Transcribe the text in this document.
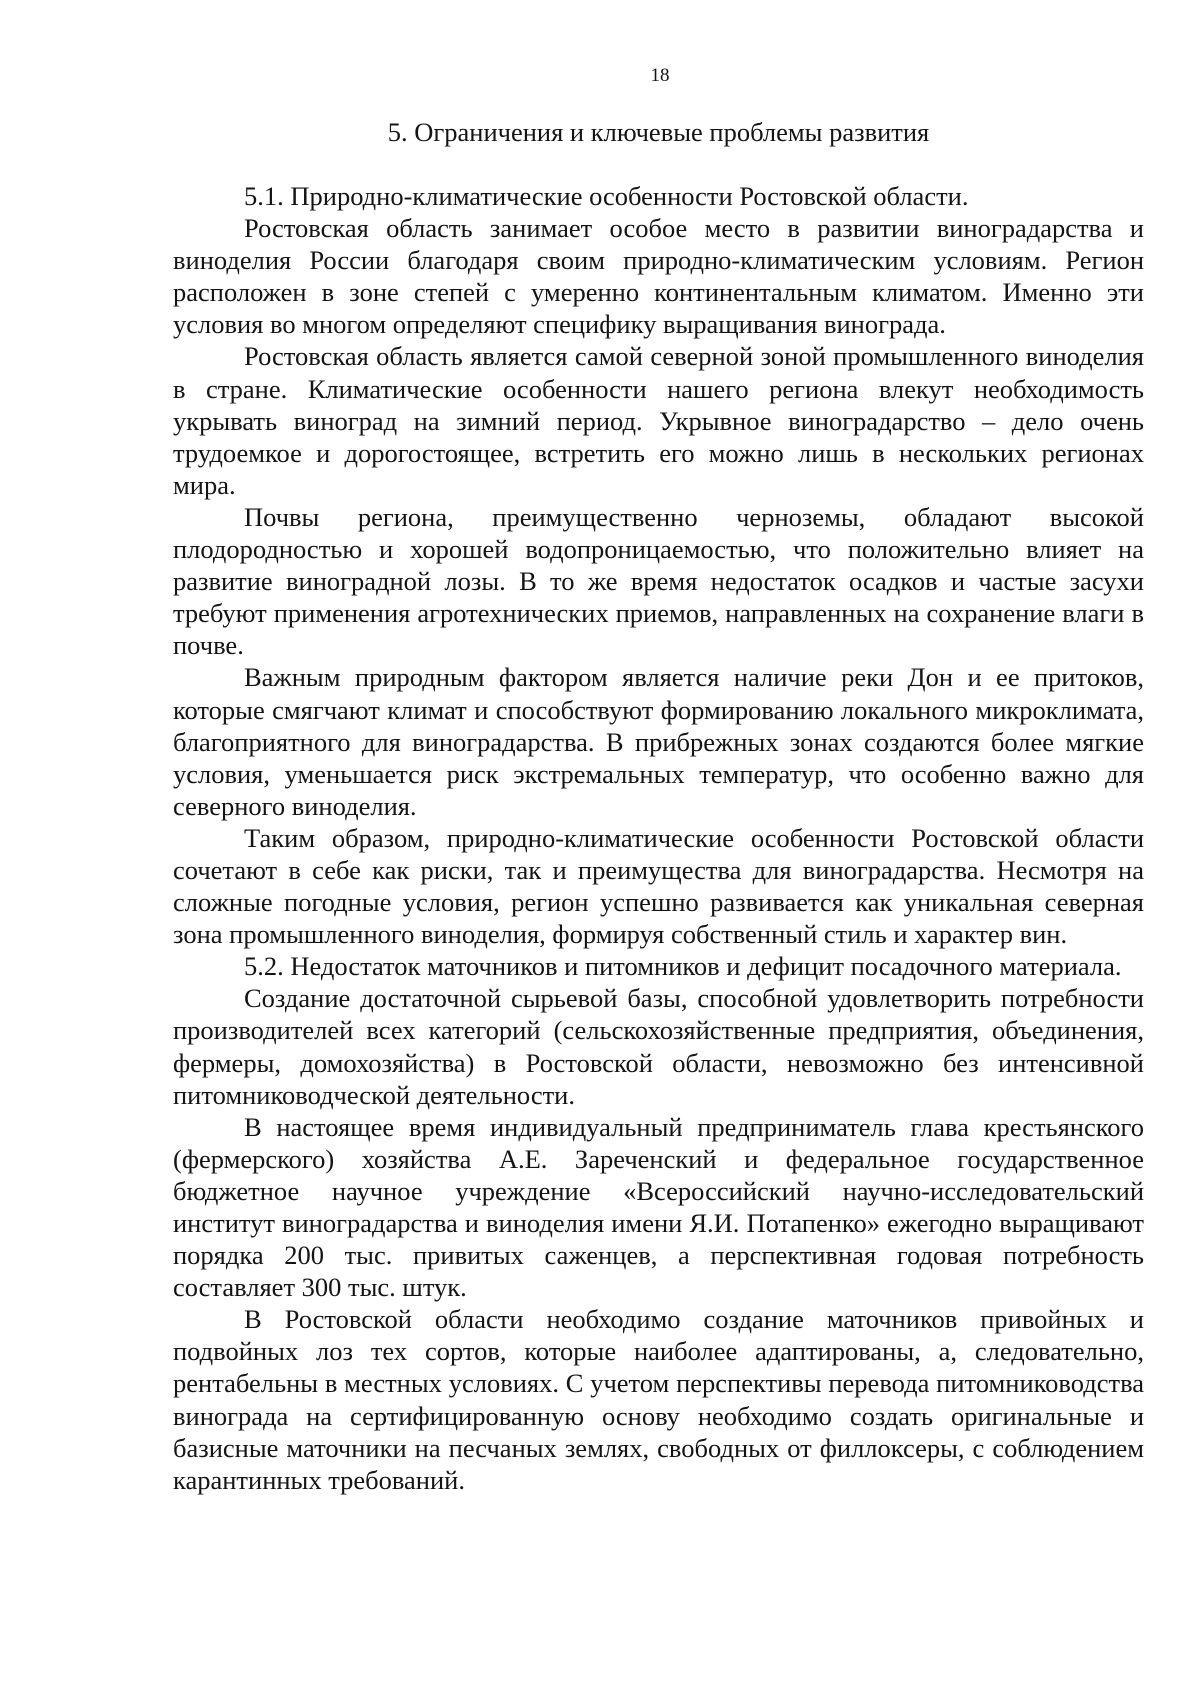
18
5. Ограничения и ключевые проблемы развития

5.1. Природно-климатические особенности Ростовской области.

Ростовская область занимает особое место в развитии виноградарства и виноделия России благодаря своим природно-климатическим условиям. Регион расположен в зоне степей с умеренно континентальным климатом. Именно эти условия во многом определяют специфику выращивания винограда.

Ростовская область является самой северной зоной промышленного виноделия в стране. Климатические особенности нашего региона влекут необходимость укрывать виноград на зимний период. Укрывное виноградарство – дело очень трудоемкое и дорогостоящее, встретить его можно лишь в нескольких регионах мира.

Почвы региона, преимущественно черноземы, обладают высокой плодородностью и хорошей водопроницаемостью, что положительно влияет на развитие виноградной лозы. В то же время недостаток осадков и частые засухи требуют применения агротехнических приемов, направленных на сохранение влаги в почве.

Важным природным фактором является наличие реки Дон и ее притоков, которые смягчают климат и способствуют формированию локального микроклимата, благоприятного для виноградарства. В прибрежных зонах создаются более мягкие условия, уменьшается риск экстремальных температур, что особенно важно для северного виноделия.

Таким образом, природно-климатические особенности Ростовской области сочетают в себе как риски, так и преимущества для виноградарства. Несмотря на сложные погодные условия, регион успешно развивается как уникальная северная зона промышленного виноделия, формируя собственный стиль и характер вин.

5.2. Недостаток маточников и питомников и дефицит посадочного материала.

Создание достаточной сырьевой базы, способной удовлетворить потребности производителей всех категорий (сельскохозяйственные предприятия, объединения, фермеры, домохозяйства) в Ростовской области, невозможно без интенсивной питомниководческой деятельности.

В настоящее время индивидуальный предприниматель глава крестьянского (фермерского) хозяйства А.Е. Зареченский и федеральное государственное бюджетное научное учреждение «Всероссийский научно-исследовательский институт виноградарства и виноделия имени Я.И. Потапенко» ежегодно выращивают порядка 200 тыс. привитых саженцев, а перспективная годовая потребность составляет 300 тыс. штук.

В Ростовской области необходимо создание маточников привойных и подвойных лоз тех сортов, которые наиболее адаптированы, а, следовательно, рентабельны в местных условиях. С учетом перспективы перевода питомниководства винограда на сертифицированную основу необходимо создать оригинальные и базисные маточники на песчаных землях, свободных от филлоксеры, с соблюдением карантинных требований.
